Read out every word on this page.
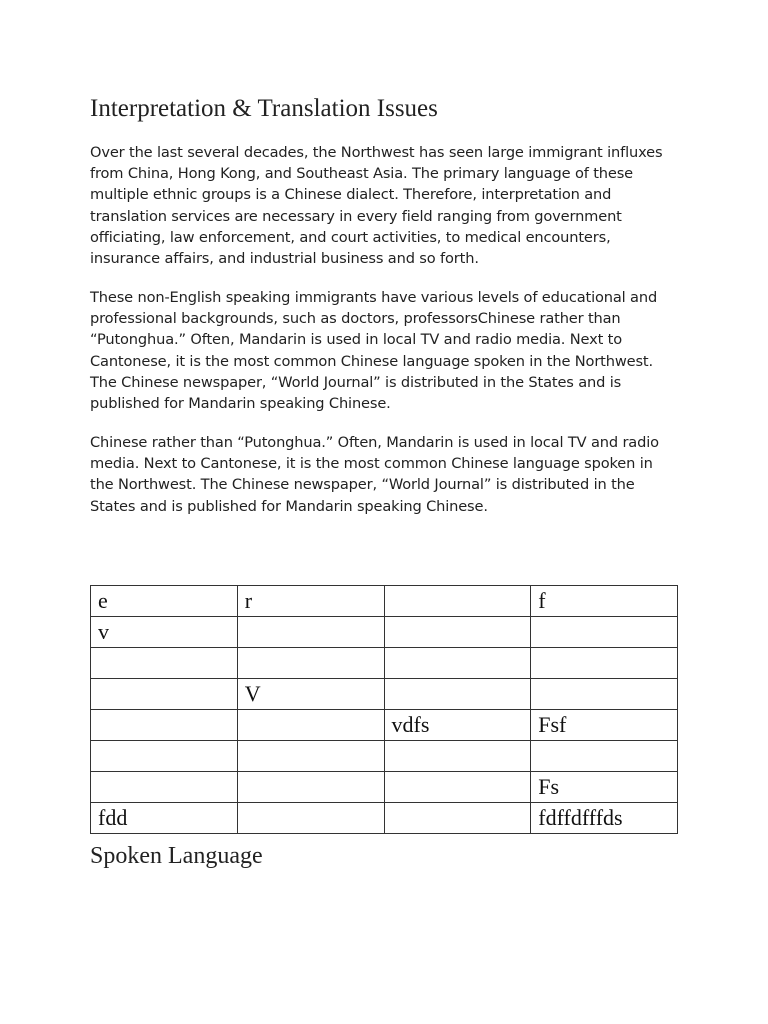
Interpretation & Translation Issues

Over the last several decades, the Northwest has seen large immigrant influxes from China, Hong Kong, and Southeast Asia. The primary language of these multiple ethnic groups is a Chinese dialect. Therefore, interpretation and translation services are necessary in every field ranging from government officiating, law enforcement, and court activities, to medical encounters, insurance affairs, and industrial business and so forth.

These non-English speaking immigrants have various levels of educational and professional backgrounds, such as doctors, professorsChinese rather than “Putonghua.” Often, Mandarin is used in local TV and radio media. Next to Cantonese, it is the most common Chinese language spoken in the Northwest. The Chinese newspaper, “World Journal” is distributed in the States and is published for Mandarin speaking Chinese.

Chinese rather than “Putonghua.” Often, Mandarin is used in local TV and radio media. Next to Cantonese, it is the most common Chinese language spoken in the Northwest. The Chinese newspaper, “World Journal” is distributed in the States and is published for Mandarin speaking Chinese.

e	r		f
v			

	V		
		vdfs	Fsf

			Fs
fdd			fdffdfffds
Spoken Language
